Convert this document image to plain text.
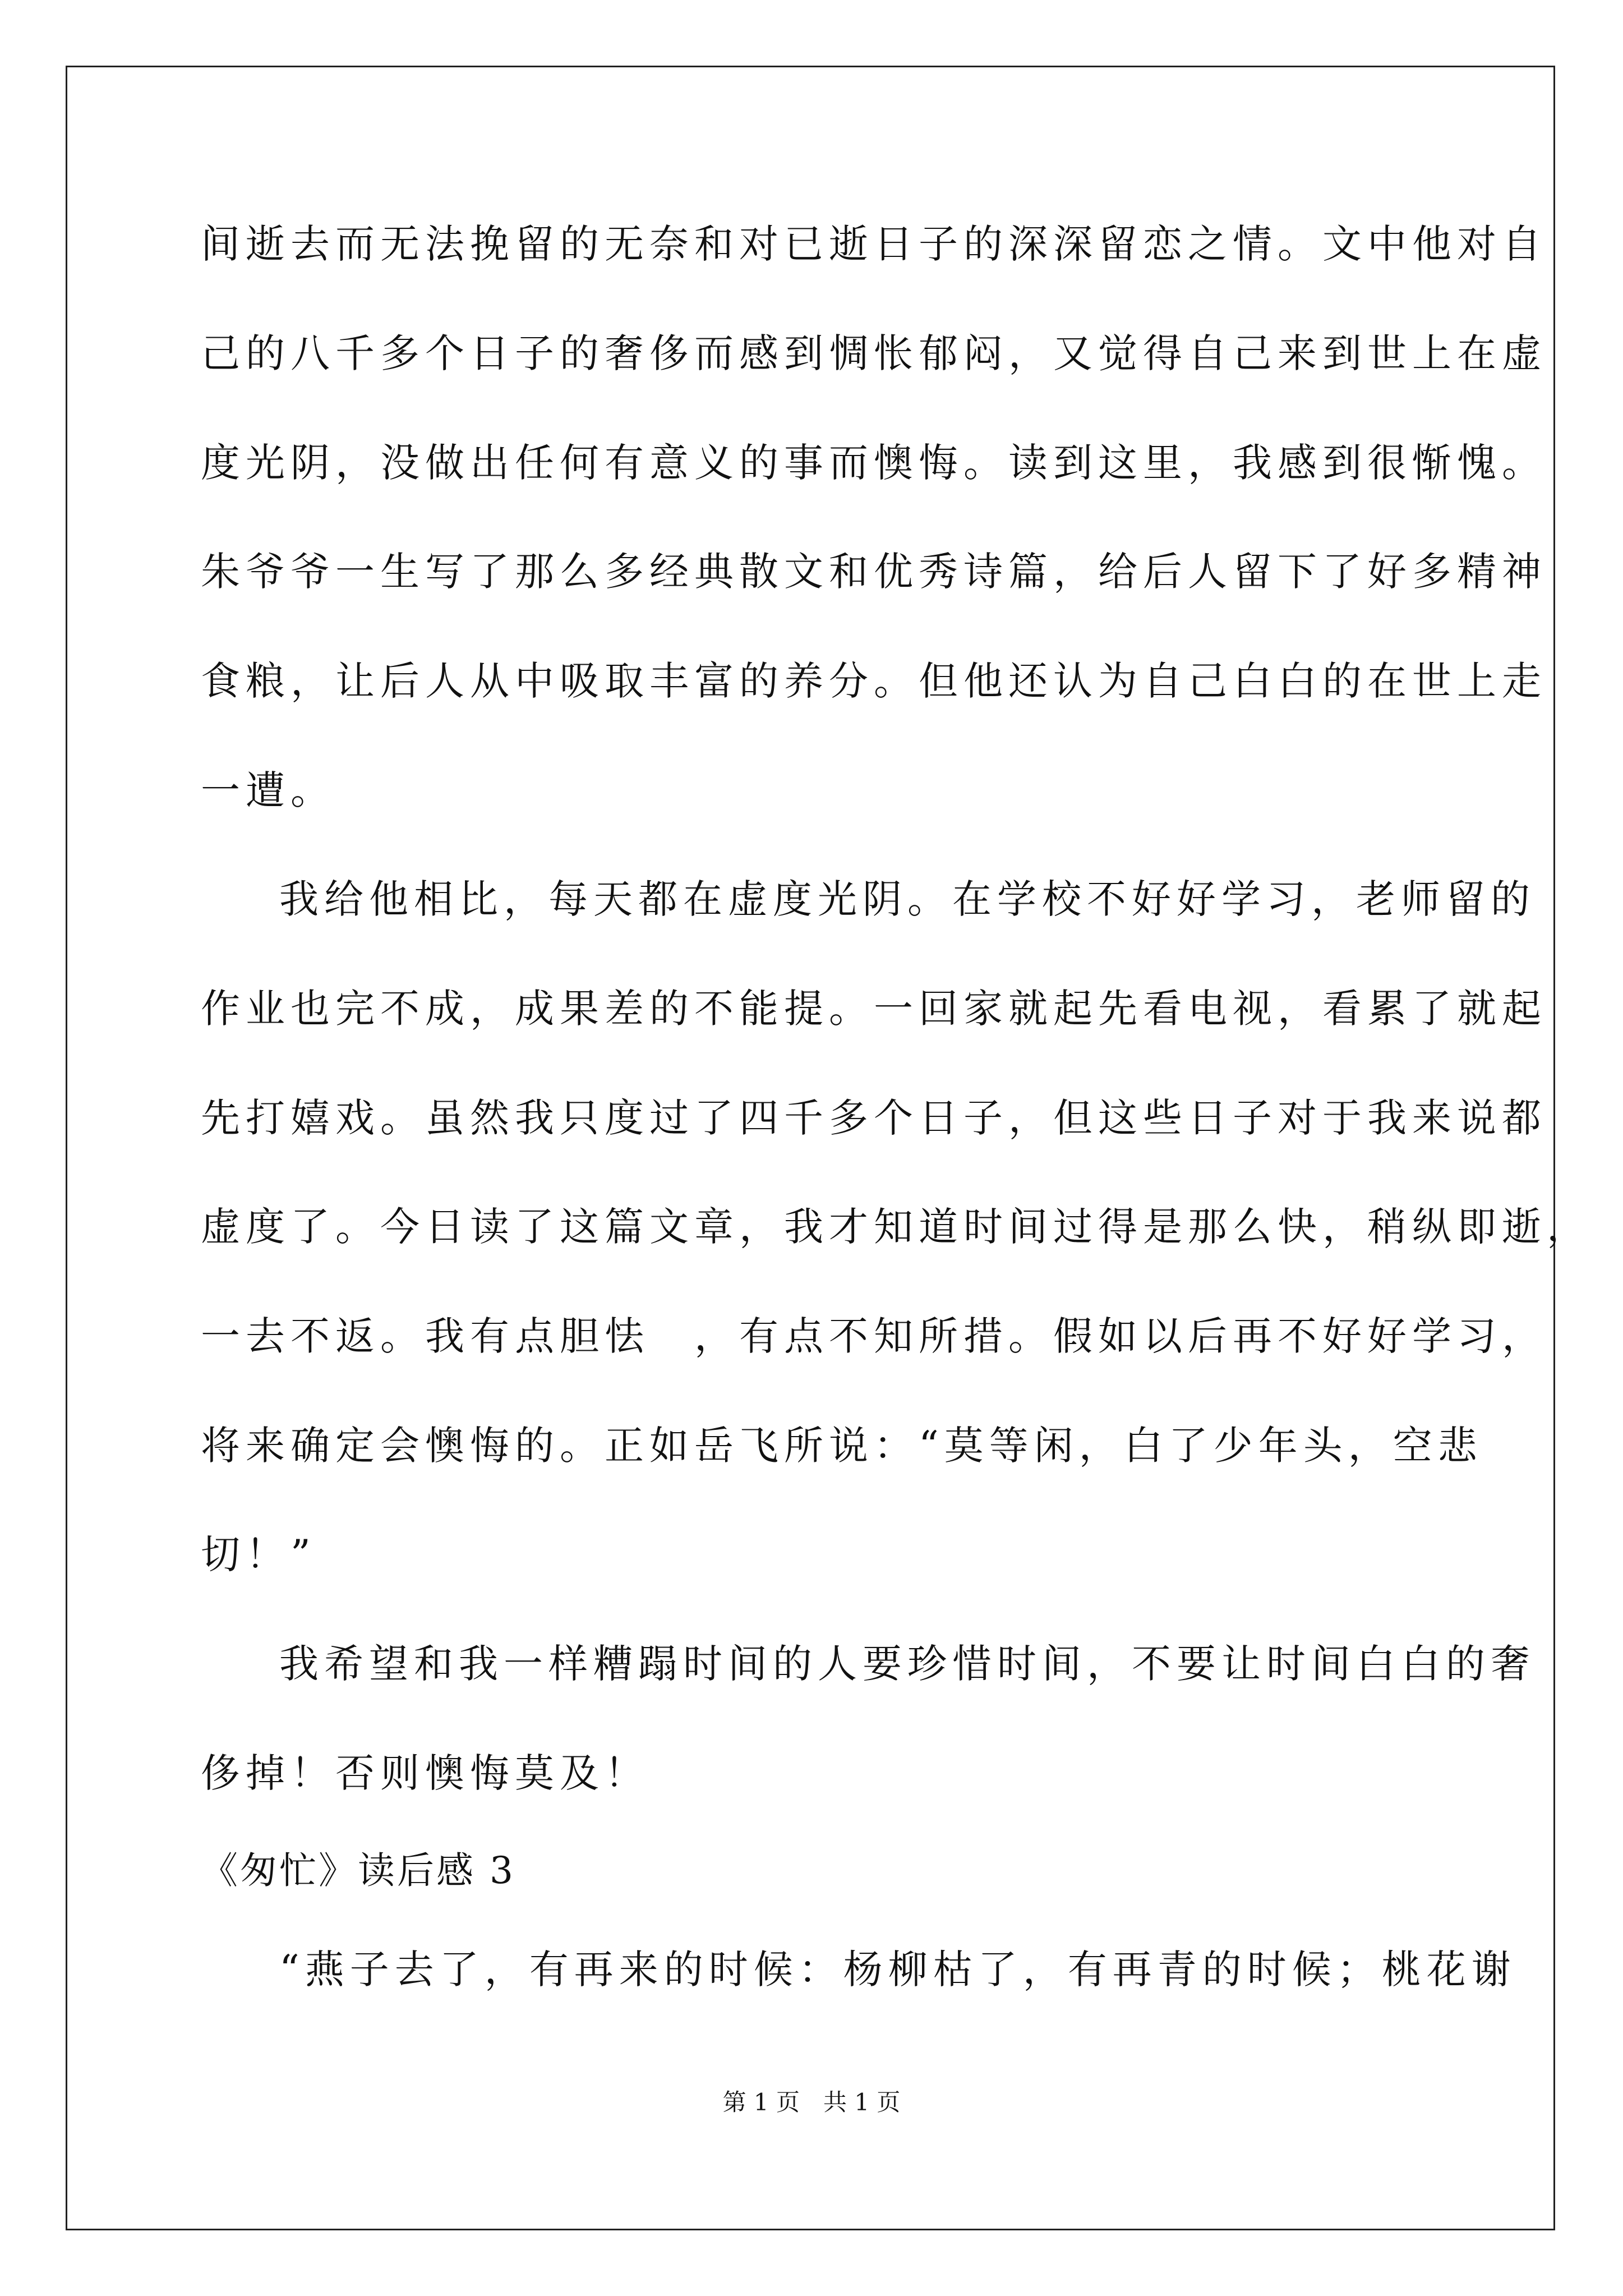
间逝去而无法挽留的无奈和对已逝日子的深深留恋之情。文中他对自
己的八千多个日子的奢侈而感到惆怅郁闷，又觉得自己来到世上在虚
度光阴，没做出任何有意义的事而懊悔。读到这里，我感到很惭愧。
朱爷爷一生写了那么多经典散文和优秀诗篇，给后人留下了好多精神
食粮，让后人从中吸取丰富的养分。但他还认为自己白白的在世上走
一遭。
我给他相比，每天都在虚度光阴。在学校不好好学习，老师留的
作业也完不成，成果差的不能提。一回家就起先看电视，看累了就起
先打嬉戏。虽然我只度过了四千多个日子，但这些日子对于我来说都
虚度了。今日读了这篇文章，我才知道时间过得是那么快，稍纵即逝，
一去不返。我有点胆怯　，有点不知所措。假如以后再不好好学习，
将来确定会懊悔的。正如岳飞所说：“莫等闲，白了少年头，空悲
切！”
我希望和我一样糟蹋时间的人要珍惜时间，不要让时间白白的奢
侈掉！否则懊悔莫及！
《匆忙》读后感 3
“燕子去了，有再来的时候：杨柳枯了，有再青的时候；桃花谢
第 1 页　共 1 页
